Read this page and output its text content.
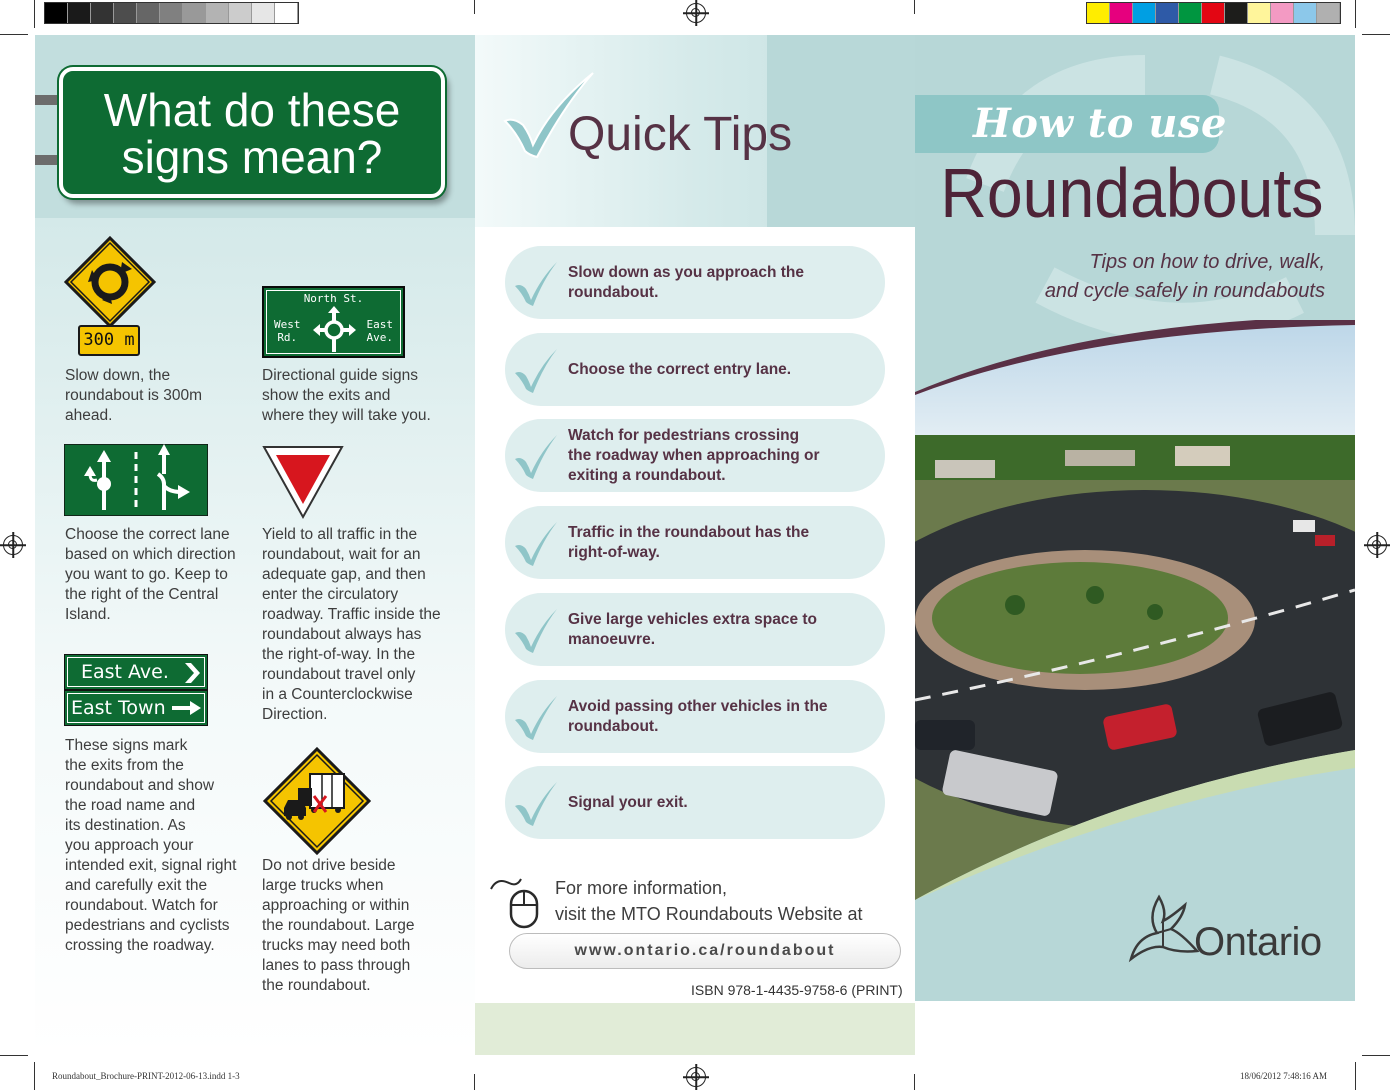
Roundabout_Brochure-PRINT-2012-06-13.indd 1-3	18/06/2012 7:48:16 AM
What do these
signs mean?
300 m
Slow down, the
roundabout is 300m
ahead.
North St.
West
Rd.
East
Ave.
Directional guide signs
show the exits and
where they will take you.
Choose the correct lane
based on which direction
you want to go. Keep to
the right of the Central
Island.
Yield to all traffic in the
roundabout, wait for an
adequate gap, and then
enter the circulatory
roadway. Traffic inside the
roundabout always has
the right-of-way. In the
roundabout travel only
in a Counterclockwise
Direction.
East Ave.
East Town
These signs mark
the exits from the
roundabout and show
the road name and
its destination. As
you approach your
intended exit, signal right
and carefully exit the
roundabout. Watch for
pedestrians and cyclists
crossing the roadway.
Do not drive beside
large trucks when
approaching or within
the roundabout. Large
trucks may need both
lanes to pass through
the roundabout.
Quick Tips
Slow down as you approach the
roundabout.
Choose the correct entry lane.
Watch for pedestrians crossing
the roadway when approaching or
exiting a roundabout.
Traffic in the roundabout has the
right-of-way.
Give large vehicles extra space to
manoeuvre.
Avoid passing other vehicles in the
roundabout.
Signal your exit.
For more information,
visit the MTO Roundabouts Website at
www.ontario.ca/roundabout
ISBN 978-1-4435-9758-6 (PRINT)
How to use
Roundabouts
Tips on how to drive, walk,
and cycle safely in roundabouts
Ontario
